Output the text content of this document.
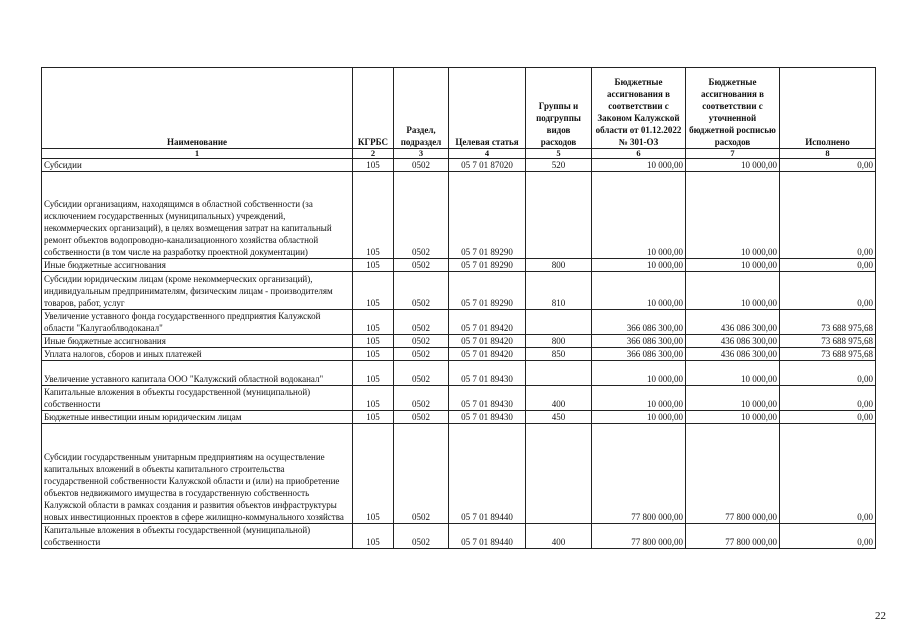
Наименование	КГРБС	Раздел, подраздел	Целевая статья	Группы и подгруппы видов расходов	Бюджетные ассигнования в соответствии с Законом Калужской области от 01.12.2022 № 301-ОЗ	Бюджетные ассигнования в соответствии с уточненной бюджетной росписью расходов	Исполнено
1	2	3	4	5	6	7	8
Субсидии	105	0502	05 7 01 87020	520	10 000,00	10 000,00	0,00
Субсидии организациям, находящимся в областной собственности (за исключением государственных (муниципальных) учреждений, некоммерческих организаций), в целях возмещения затрат на капитальный ремонт объектов водопроводно-канализационного хозяйства областной собственности (в том числе на разработку проектной документации)	105	0502	05 7 01 89290		10 000,00	10 000,00	0,00
Иные бюджетные ассигнования	105	0502	05 7 01 89290	800	10 000,00	10 000,00	0,00
Субсидии юридическим лицам (кроме некоммерческих организаций), индивидуальным предпринимателям, физическим лицам - производителям товаров, работ, услуг	105	0502	05 7 01 89290	810	10 000,00	10 000,00	0,00
Увеличение уставного фонда государственного предприятия Калужской области "Калугаоблводоканал"	105	0502	05 7 01 89420		366 086 300,00	436 086 300,00	73 688 975,68
Иные бюджетные ассигнования	105	0502	05 7 01 89420	800	366 086 300,00	436 086 300,00	73 688 975,68
Уплата налогов, сборов и иных платежей	105	0502	05 7 01 89420	850	366 086 300,00	436 086 300,00	73 688 975,68
Увеличение уставного капитала ООО "Калужский областной водоканал"	105	0502	05 7 01 89430		10 000,00	10 000,00	0,00
Капитальные вложения в объекты государственной (муниципальной) собственности	105	0502	05 7 01 89430	400	10 000,00	10 000,00	0,00
Бюджетные инвестиции иным юридическим лицам	105	0502	05 7 01 89430	450	10 000,00	10 000,00	0,00
Субсидии государственным унитарным предприятиям на осуществление капитальных вложений в объекты капитального строительства государственной собственности Калужской области и (или) на приобретение объектов недвижимого имущества в государственную собственность Калужской области в рамках создания и развития объектов инфраструктуры новых инвестиционных проектов в сфере жилищно-коммунального хозяйства	105	0502	05 7 01 89440		77 800 000,00	77 800 000,00	0,00
Капитальные вложения в объекты государственной (муниципальной) собственности	105	0502	05 7 01 89440	400	77 800 000,00	77 800 000,00	0,00
22
